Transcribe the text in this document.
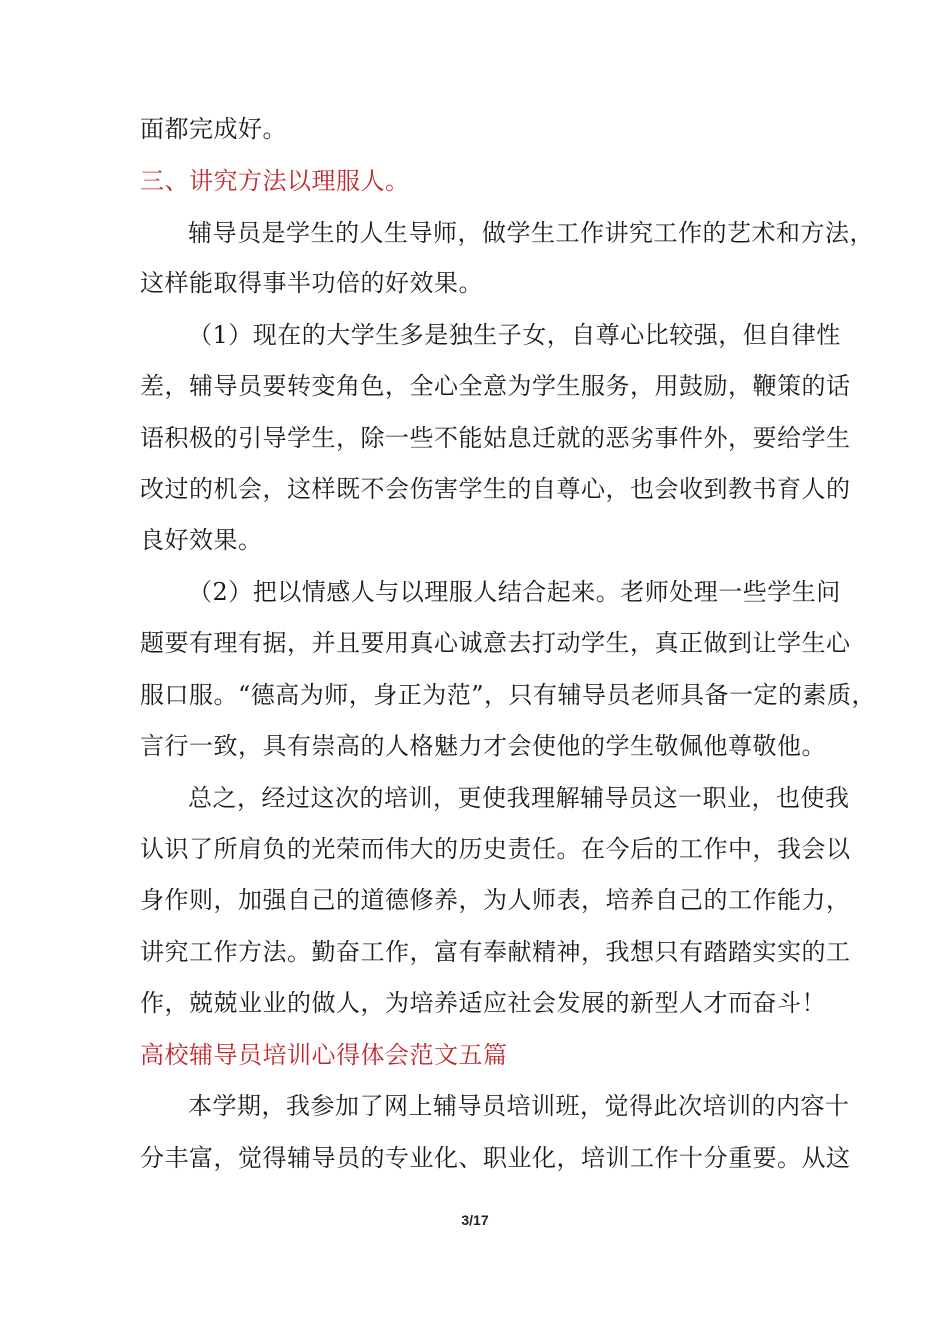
面都完成好。
三、讲究方法以理服人。
辅导员是学生的人生导师，做学生工作讲究工作的艺术和方法，
这样能取得事半功倍的好效果。
（1）现在的大学生多是独生子女，自尊心比较强，但自律性
差，辅导员要转变角色，全心全意为学生服务，用鼓励，鞭策的话
语积极的引导学生，除一些不能姑息迁就的恶劣事件外，要给学生
改过的机会，这样既不会伤害学生的自尊心，也会收到教书育人的
良好效果。
（2）把以情感人与以理服人结合起来。老师处理一些学生问
题要有理有据，并且要用真心诚意去打动学生，真正做到让学生心
服口服。“德高为师，身正为范”，只有辅导员老师具备一定的素质，
言行一致，具有崇高的人格魅力才会使他的学生敬佩他尊敬他。
总之，经过这次的培训，更使我理解辅导员这一职业，也使我
认识了所肩负的光荣而伟大的历史责任。在今后的工作中，我会以
身作则，加强自己的道德修养，为人师表，培养自己的工作能力，
讲究工作方法。勤奋工作，富有奉献精神，我想只有踏踏实实的工
作，兢兢业业的做人，为培养适应社会发展的新型人才而奋斗！
高校辅导员培训心得体会范文五篇
本学期，我参加了网上辅导员培训班，觉得此次培训的内容十
分丰富，觉得辅导员的专业化、职业化，培训工作十分重要。从这
3/17
